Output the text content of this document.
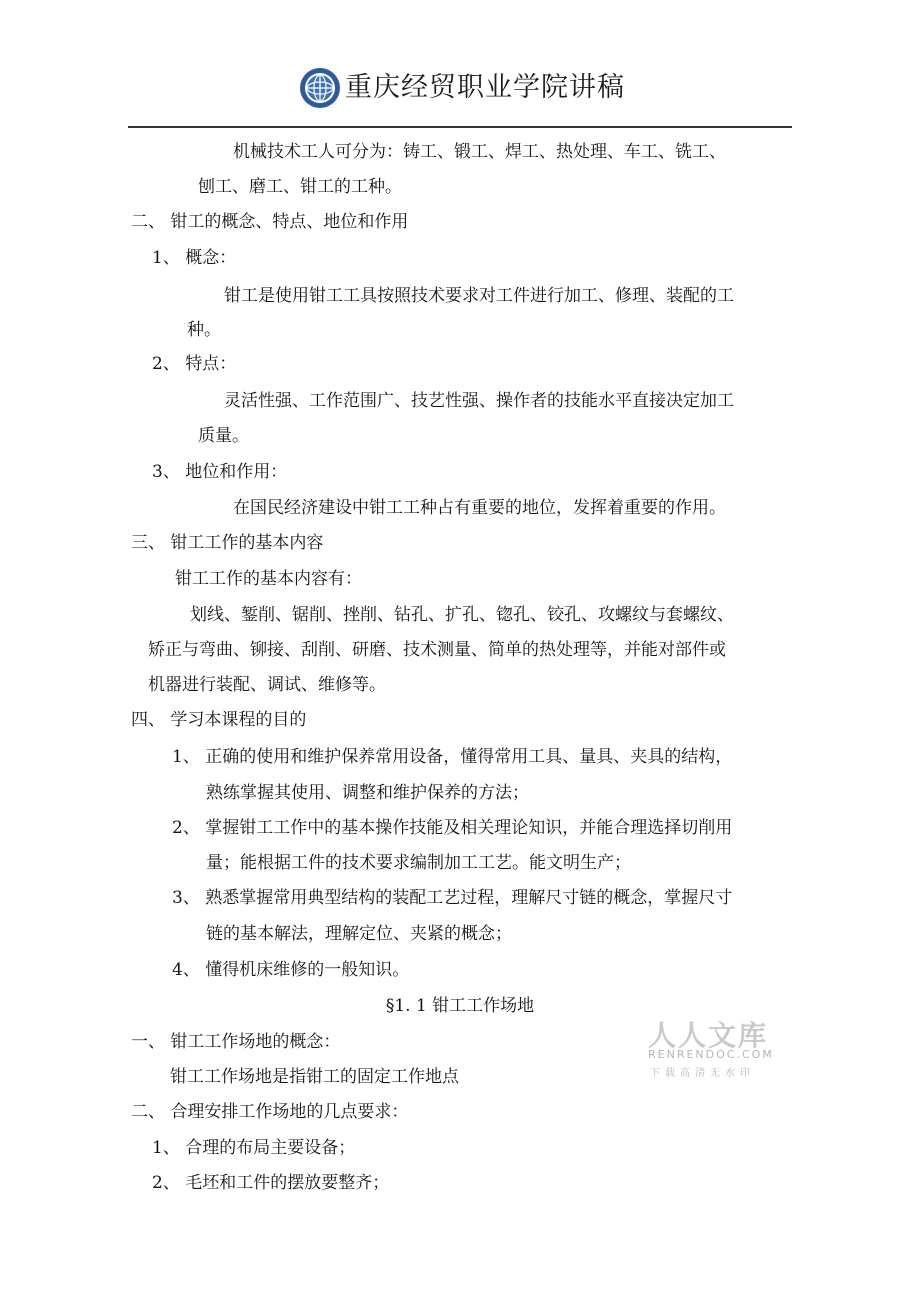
重庆经贸职业学院讲稿
机械技术工人可分为：铸工、锻工、焊工、热处理、车工、铣工、
刨工、磨工、钳工的工种。
二、 钳工的概念、特点、地位和作用
1、 概念：
钳工是使用钳工工具按照技术要求对工件进行加工、修理、装配的工
种。
2、 特点：
灵活性强、工作范围广、技艺性强、操作者的技能水平直接决定加工
质量。
3、 地位和作用：
在国民经济建设中钳工工种占有重要的地位，发挥着重要的作用。
三、 钳工工作的基本内容
钳工工作的基本内容有：
划线、錾削、锯削、挫削、钻孔、扩孔、锪孔、铰孔、攻螺纹与套螺纹、
矫正与弯曲、铆接、刮削、研磨、技术测量、简单的热处理等，并能对部件或
机器进行装配、调试、维修等。
四、 学习本课程的目的
1、 正确的使用和维护保养常用设备，懂得常用工具、量具、夹具的结构，
熟练掌握其使用、调整和维护保养的方法；
2、 掌握钳工工作中的基本操作技能及相关理论知识，并能合理选择切削用
量；能根据工件的技术要求编制加工工艺。能文明生产；
3、 熟悉掌握常用典型结构的装配工艺过程，理解尺寸链的概念，掌握尺寸
链的基本解法，理解定位、夹紧的概念；
4、 懂得机床维修的一般知识。
§1. 1 钳工工作场地
一、 钳工工作场地的概念：
钳工工作场地是指钳工的固定工作地点
二、 合理安排工作场地的几点要求：
1、 合理的布局主要设备；
2、 毛坯和工件的摆放要整齐；
人人文库
RENRENDOC.COM
下载高清无水印
